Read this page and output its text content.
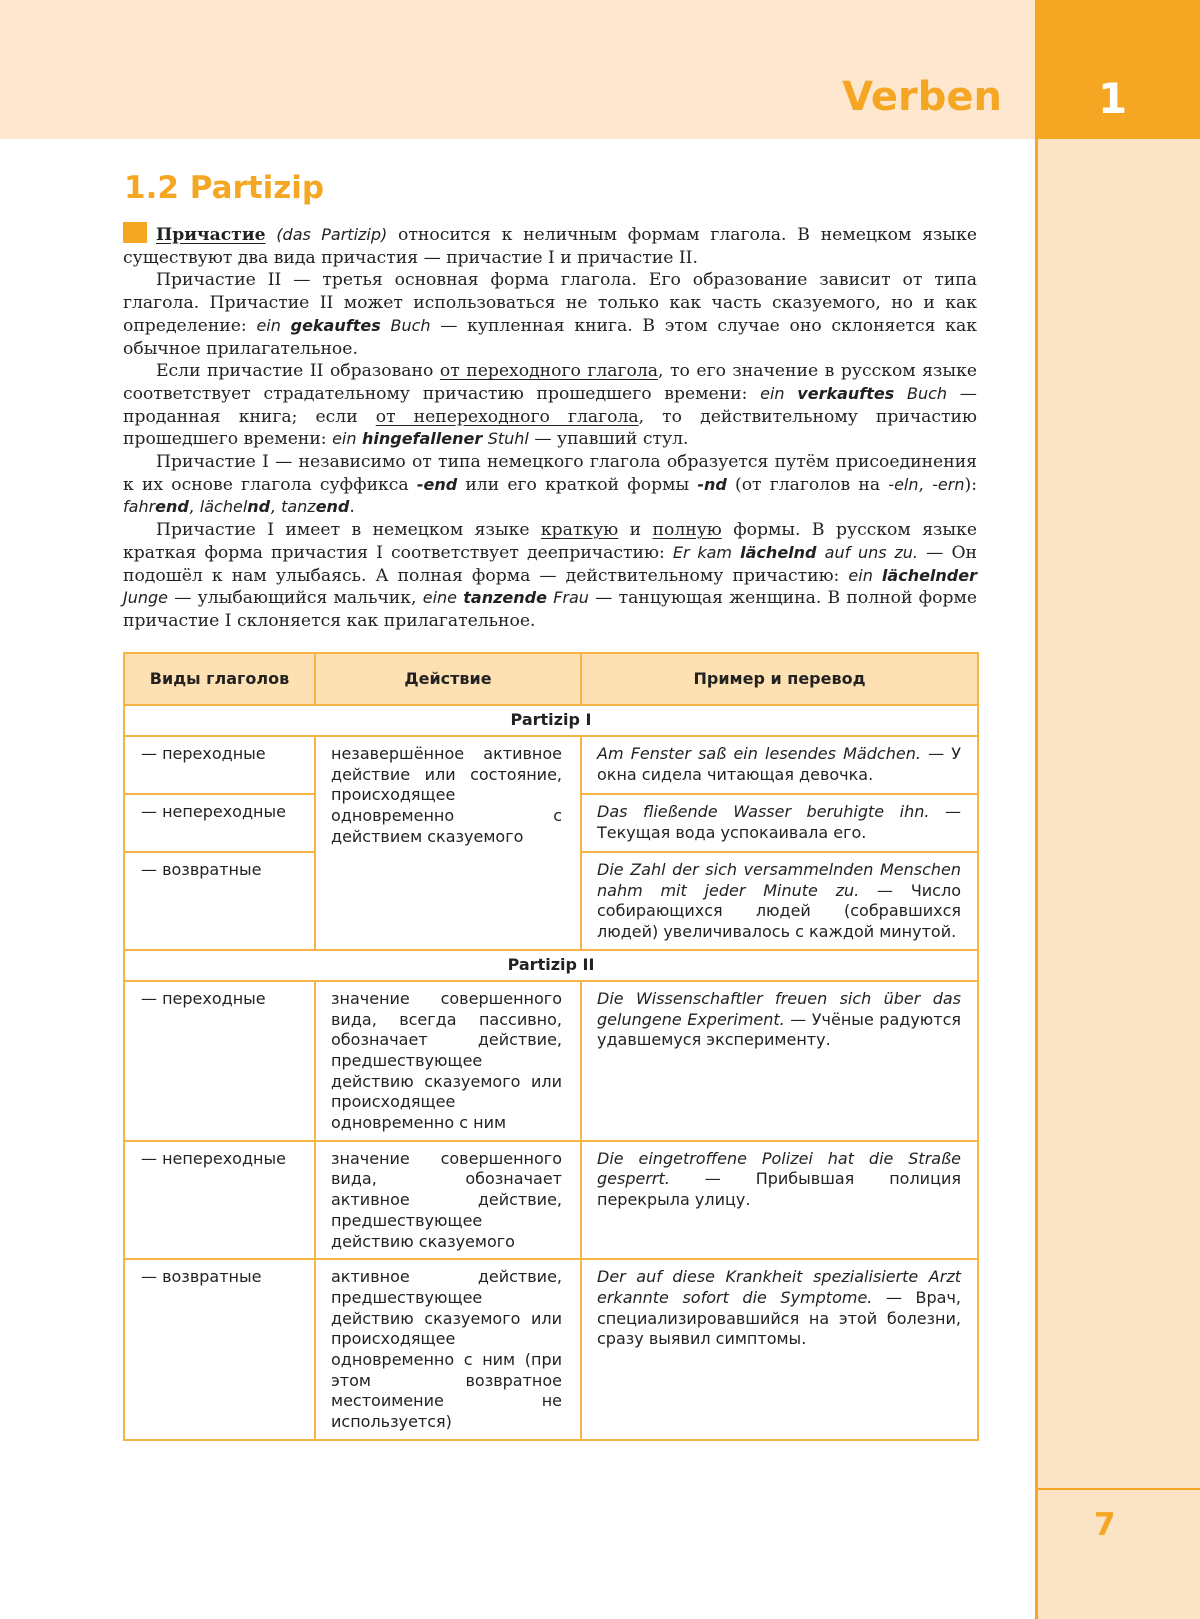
Verben 1
7
1.2 Partizip

Причастие (das Partizip) относится к неличным формам глагола. В немецком языке существуют два вида причастия — причастие I и причастие II.

Причастие II — третья основная форма глагола. Его образование зависит от типа глагола. Причастие II может использоваться не только как часть сказуемого, но и как определение: ein gekauftes Buch — купленная книга. В этом случае оно склоняется как обычное прилагательное.

Если причастие II образовано от переходного глагола, то его значение в русском языке соответствует страдательному причастию прошедшего времени: ein verkauftes Buch — проданная книга; если от непереходного глагола, то действительному причастию прошедшего времени: ein hingefallener Stuhl — упавший стул.

Причастие I — независимо от типа немецкого глагола образуется путём присоединения к их основе глагола суффикса -end или его краткой формы -nd (от глаголов на -eln, -ern): fahrend, lächelnd, tanzend.

Причастие I имеет в немецком языке краткую и полную формы. В русском языке краткая форма причастия I соответствует деепричастию: Er kam lächelnd auf uns zu. — Он подошёл к нам улыбаясь. А полная форма — действительному причастию: ein lächelnder Junge — улыбающийся мальчик, eine tanzende Frau — танцующая женщина. В полной форме причастие I склоняется как прилагательное.

Виды глаголов	Действие	Пример и перевод
Partizip I		
— переходные	незавершённое активное действие или состояние, происходящее одновременно с действием сказуемого	Am Fenster saß ein lesendes Mädchen. — У окна сидела читающая девочка.
— непереходные		Das fließende Wasser beruhigte ihn. — Текущая вода успокаивала его.
— возвратные		Die Zahl der sich versammelnden Menschen nahm mit jeder Minute zu. — Число собирающихся людей (собравшихся людей) увеличивалось с каждой минутой.
Partizip II		
— переходные	значение совершенного вида, всегда пассивно, обозначает действие, предшествующее действию сказуемого или происходящее одновременно с ним	Die Wissenschaftler freuen sich über das gelungene Experiment. — Учёные радуются удавшемуся эксперименту.
— непереходные	значение совершенного вида, обозначает активное действие, предшествующее действию сказуемого	Die eingetroffene Polizei hat die Straße gesperrt. — Прибывшая полиция перекрыла улицу.
— возвратные	активное действие, предшествующее действию сказуемого или происходящее одновременно с ним (при этом возвратное местоимение не используется)	Der auf diese Krankheit spezialisierte Arzt erkannte sofort die Symptome. — Врач, специализировавшийся на этой болезни, сразу выявил симптомы.
